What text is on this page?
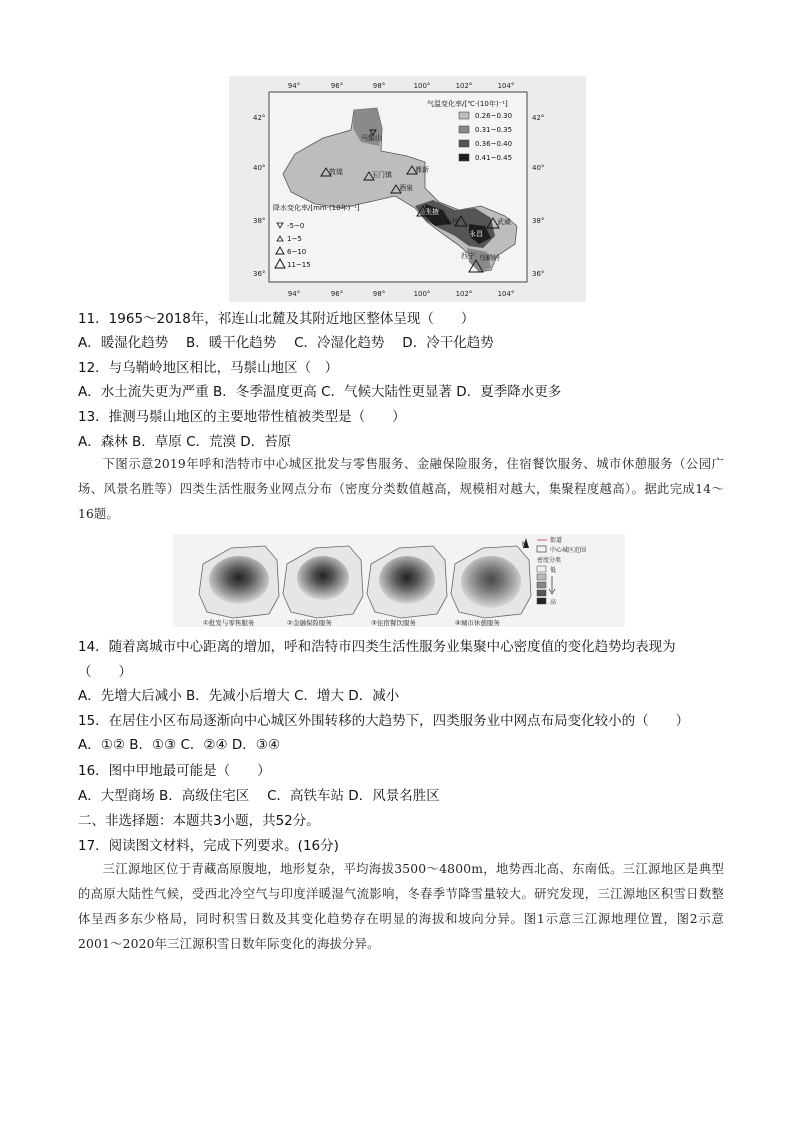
94°	96°	98°	100°	102°	104°
94°	96°	98°	100°	102°	104°
42°
40°
38°
36°
42°
40°
38°
36°
马鬃山
敦煌	玉门镇
鼎新
酒泉
张掖
山丹
永昌
武威
西宁 乌鞘岭
气温变化率/[℃·(10年)⁻¹]
0.26~0.30
0.31~0.35
0.36~0.40
0.41~0.45
降水变化率/[mm·(10年)⁻¹]
-5~0
1~5
6~10
11~15
11．1965～2018年，祁连山北麓及其附近地区整体呈现（　　）
A．暖湿化趋势　 B．暖干化趋势　 C．冷湿化趋势　 D．冷干化趋势
12．与乌鞘岭地区相比，马鬃山地区（　）
A．水土流失更为严重 B．冬季温度更高 C．气候大陆性更显著 D．夏季降水更多
13．推测马鬃山地区的主要地带性植被类型是（　　）
A．森林 B．草原 C．荒漠 D．苔原
下图示意2019年呼和浩特市中心城区批发与零售服务、金融保险服务，住宿餐饮服务、城市休憩服务（公园广场、风景名胜等）四类生活性服务业网点分布（密度分类数值越高，规模相对越大，集聚程度越高）。据此完成14～16题。
①批发与零售服务	②金融保险服务	③住宿餐饮服务	④城市休憩服务
N
街道
中心城区范围
密度分类
低
高
14．随着离城市中心距离的增加，呼和浩特市四类生活性服务业集聚中心密度值的变化趋势均表现为
（　　）
A．先增大后减小 B．先减小后增大 C．增大 D．减小
15．在居住小区布局逐渐向中心城区外围转移的大趋势下，四类服务业中网点布局变化较小的（　　）
A．①② B．①③ C．②④ D．③④
16．图中甲地最可能是（　　）
A．大型商场 B．高级住宅区　 C．高铁车站 D．风景名胜区
二、非选择题：本题共3小题，共52分。
17．阅读图文材料，完成下列要求。(16分)
三江源地区位于青藏高原腹地，地形复杂，平均海拔3500～4800m，地势西北高、东南低。三江源地区是典型的高原大陆性气候，受西北冷空气与印度洋暖湿气流影响，冬春季节降雪量较大。研究发现，三江源地区积雪日数整体呈西多东少格局，同时积雪日数及其变化趋势存在明显的海拔和坡向分异。图1示意三江源地理位置，图2示意2001～2020年三江源积雪日数年际变化的海拔分异。
